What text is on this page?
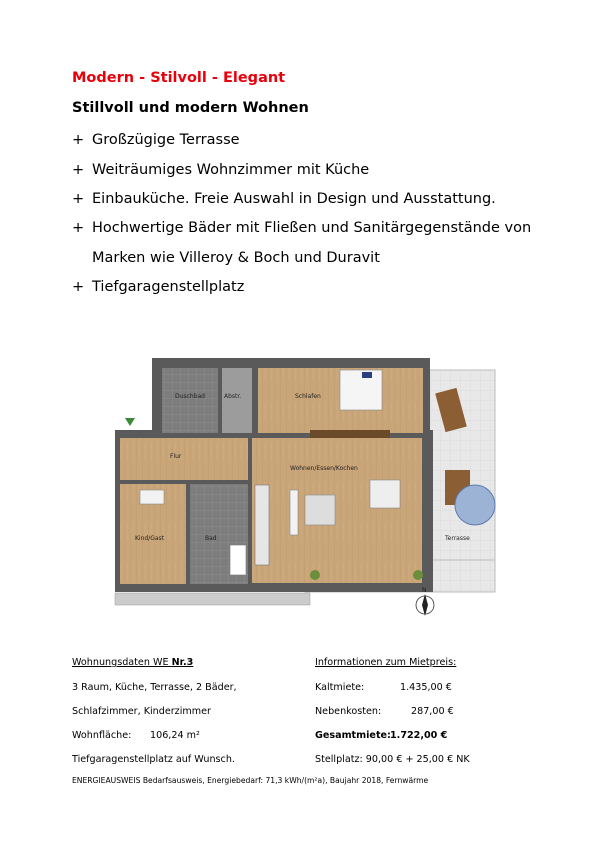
Modern - Stilvoll - Elegant
Stillvoll und modern Wohnen
+ Großzügige Terrasse
+ Weiträumiges Wohnzimmer mit Küche
+ Einbauküche. Freie Auswahl in Design und Ausstattung.
+ Hochwertige Bäder mit Fließen und Sanitärgegenstände von
Marken wie Villeroy & Boch und Duravit
+ Tiefgaragenstellplatz
Duschbad	Abstr.	Schlafen
Flur
Wohnen/Essen/Kochen
Kind/Gast	Bad	Terrasse
N
Wohnungsdaten WE Nr.3
3 Raum, Küche, Terrasse, 2 Bäder,
Schlafzimmer, Kinderzimmer
Wohnfläche: 106,24 m²
Tiefgaragenstellplatz auf Wunsch.
Informationen zum Mietpreis:
Kaltmiete:	1.435,00 €
Nebenkosten:	287,00 €
Gesamtmiete: 1.722,00 €
Stellplatz: 90,00 € + 25,00 € NK
ENERGIEAUSWEIS Bedarfsausweis, Energiebedarf: 71,3 kWh/(m²a), Baujahr 2018, Fernwärme
